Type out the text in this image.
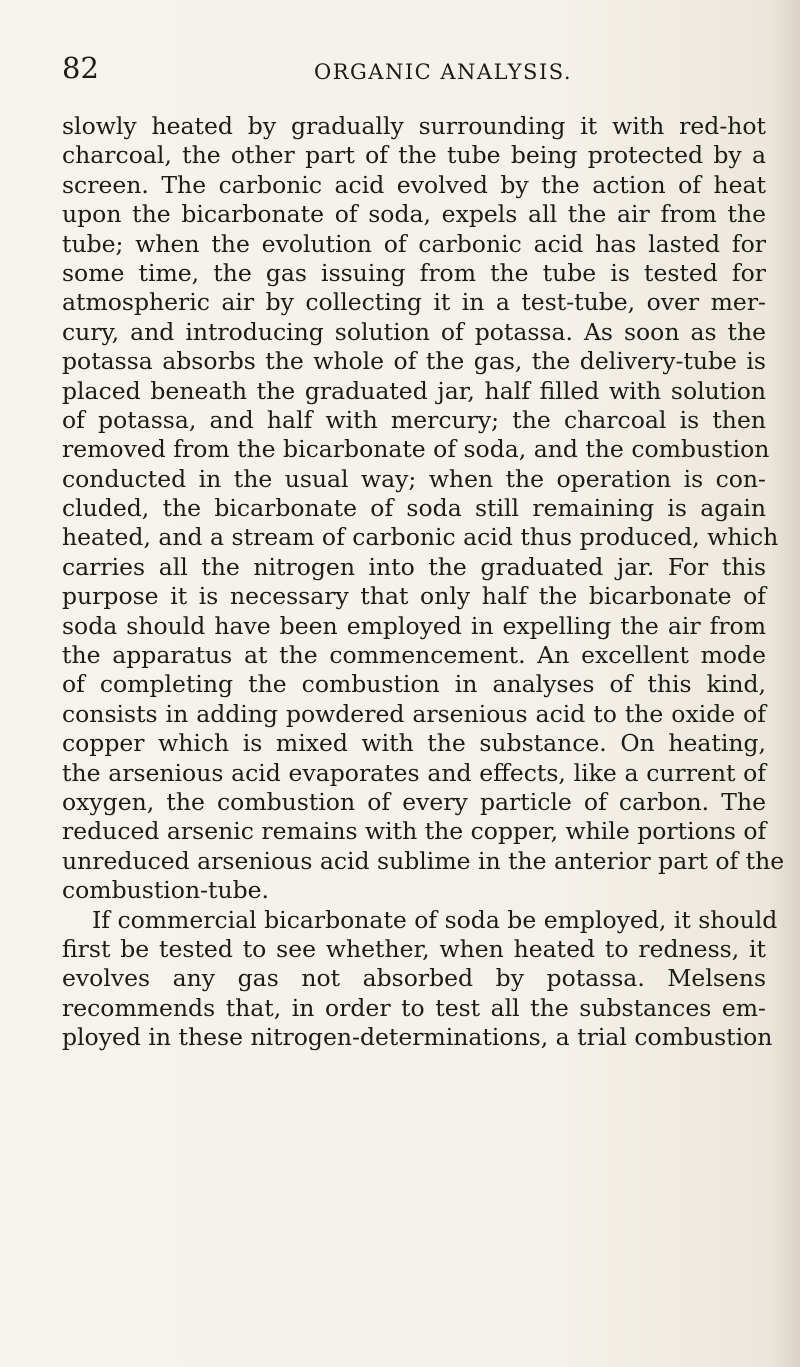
82	ORGANIC ANALYSIS.
slowly heated by gradually surrounding it with red-hot
charcoal, the other part of the tube being protected by a
screen. The carbonic acid evolved by the action of heat
upon the bicarbonate of soda, expels all the air from the
tube; when the evolution of carbonic acid has lasted for
some time, the gas issuing from the tube is tested for
atmospheric air by collecting it in a test-tube, over mer-
cury, and introducing solution of potassa. As soon as the
potassa absorbs the whole of the gas, the delivery-tube is
placed beneath the graduated jar, half filled with solution
of potassa, and half with mercury; the charcoal is then
removed from the bicarbonate of soda, and the combustion
conducted in the usual way; when the operation is con-
cluded, the bicarbonate of soda still remaining is again
heated, and a stream of carbonic acid thus produced, which
carries all the nitrogen into the graduated jar. For this
purpose it is necessary that only half the bicarbonate of
soda should have been employed in expelling the air from
the apparatus at the commencement. An excellent mode
of completing the combustion in analyses of this kind,
consists in adding powdered arsenious acid to the oxide of
copper which is mixed with the substance. On heating,
the arsenious acid evaporates and effects, like a current of
oxygen, the combustion of every particle of carbon. The
reduced arsenic remains with the copper, while portions of
unreduced arsenious acid sublime in the anterior part of the
combustion-tube.
If commercial bicarbonate of soda be employed, it should
first be tested to see whether, when heated to redness, it
evolves any gas not absorbed by potassa. Melsens
recommends that, in order to test all the substances em-
ployed in these nitrogen-determinations, a trial combustion
